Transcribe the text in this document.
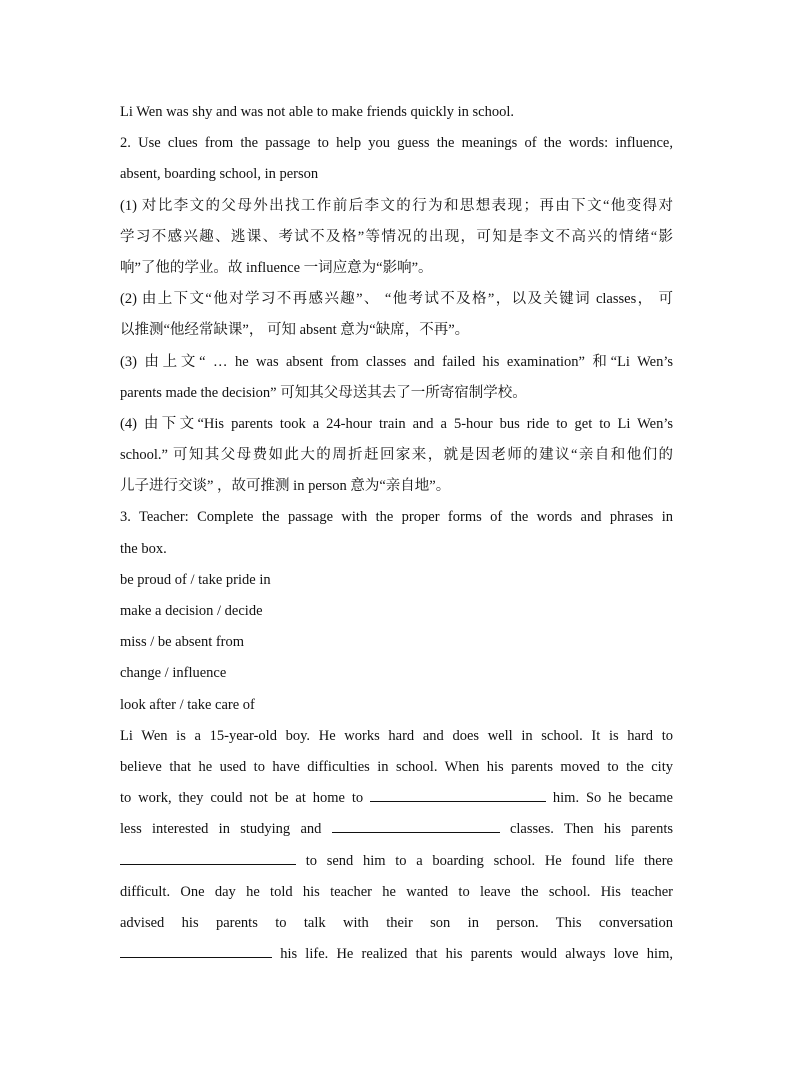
Li Wen was shy and was not able to make friends quickly in school.
2. Use clues from the passage to help you guess the meanings of the words: influence,
absent, boarding school, in person
(1) 对比李文的父母外出找工作前后李文的行为和思想表现；再由下文“他变得对
学习不感兴趣、逃课、考试不及格”等情况的出现，可知是李文不高兴的情绪“影
响”了他的学业。故 influence 一词应意为“影响”。
(2) 由上下文“他对学习不再感兴趣”、 “他考试不及格”，以及关键词 classes， 可
以推测“他经常缺课”， 可知 absent 意为“缺席，不再”。
(3) 由上文“ … he was absent from classes and failed his examination” 和“Li Wen’s
parents made the decision” 可知其父母送其去了一所寄宿制学校。
(4) 由下文“His parents took a 24-hour train and a 5-hour bus ride to get to Li Wen’s
school.” 可知其父母费如此大的周折赶回家来，就是因老师的建议“亲自和他们的
儿子进行交谈” ，故可推测 in person 意为“亲自地”。
3. Teacher: Complete the passage with the proper forms of the words and phrases in
the box.
be proud of / take pride in
make a decision / decide
miss / be absent from
change / influence
look after / take care of
Li Wen is a 15-year-old boy. He works hard and does well in school. It is hard to
believe that he used to have difficulties in school. When his parents moved to the city
to work, they could not be at home to	him. So he became
less interested in studying and	classes. Then his parents
to send him to a boarding school. He found life there
difficult. One day he told his teacher he wanted to leave the school. His teacher
advised his parents to talk with their son in person. This conversation
his life. He realized that his parents would always love him,
